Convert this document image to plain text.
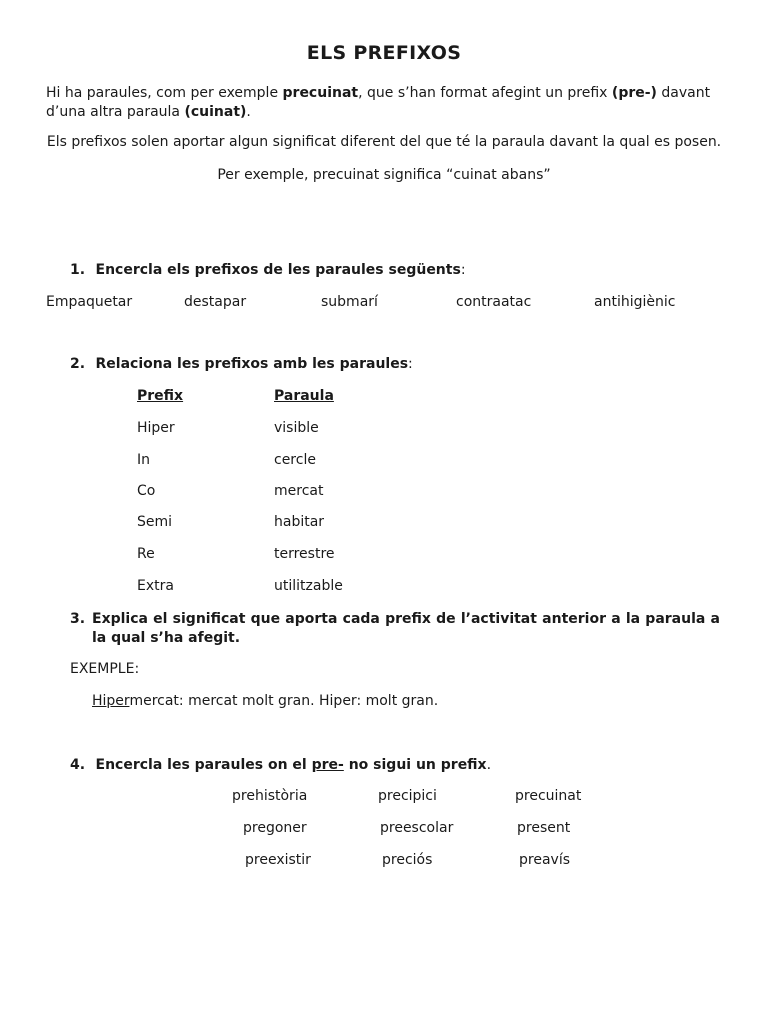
ELS PREFIXOS
Hi ha paraules, com per exemple precuinat, que s’han format afegint un prefix (pre-) davant d’una altra paraula (cuinat).
Els prefixos solen aportar algun significat diferent del que té la paraula davant la qual es posen.
Per exemple, precuinat significa “cuinat abans”
1. Encercla els prefixos de les paraules següents:
Empaquetar	destapar	submarí	contraatac	antihigiènic
2. Relaciona les prefixos amb les paraules:
Prefix	Paraula
Hiper	visible
In	cercle
Co	mercat
Semi	habitar
Re	terrestre
Extra	utilitzable
3. Explica el significat que aporta cada prefix de l’activitat anterior a la paraula a la qual s’ha afegit.
EXEMPLE:
Hipermercat: mercat molt gran. Hiper: molt gran.
4. Encercla les paraules on el pre- no sigui un prefix.
prehistòria	precipici	precuinat
pregoner	preescolar	present
preexistir	preciós	preavís
